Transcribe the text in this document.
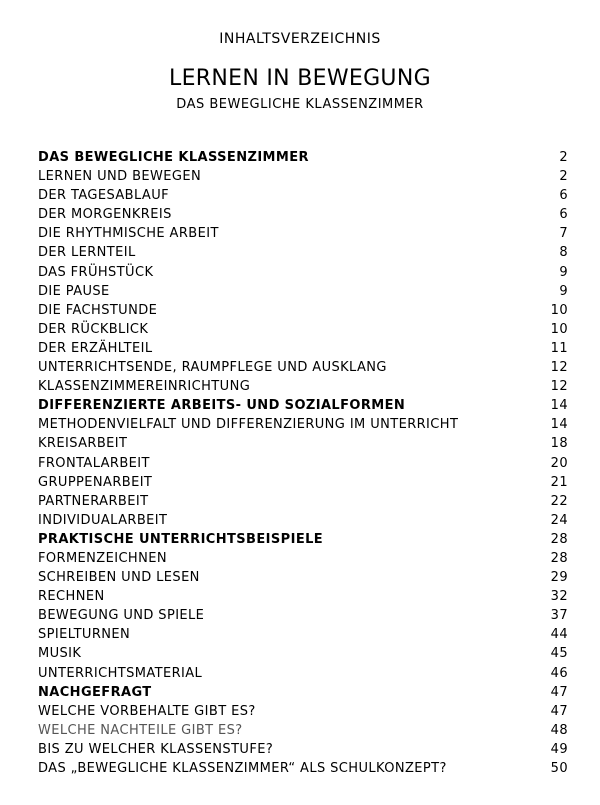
INHALTSVERZEICHNIS
LERNEN IN BEWEGUNG
DAS BEWEGLICHE KLASSENZIMMER
DAS BEWEGLICHE KLASSENZIMMER	2
LERNEN UND BEWEGEN	2
DER TAGESABLAUF	6
DER MORGENKREIS	6
DIE RHYTHMISCHE ARBEIT	7
DER LERNTEIL	8
DAS FRÜHSTÜCK	9
DIE PAUSE	9
DIE FACHSTUNDE	10
DER RÜCKBLICK	10
DER ERZÄHLTEIL	11
UNTERRICHTSENDE, RAUMPFLEGE UND AUSKLANG	12
KLASSENZIMMEREINRICHTUNG	12
DIFFERENZIERTE ARBEITS- UND SOZIALFORMEN	14
METHODENVIELFALT UND DIFFERENZIERUNG IM UNTERRICHT	14
KREISARBEIT	18
FRONTALARBEIT	20
GRUPPENARBEIT	21
PARTNERARBEIT	22
INDIVIDUALARBEIT	24
PRAKTISCHE UNTERRICHTSBEISPIELE	28
FORMENZEICHNEN	28
SCHREIBEN UND LESEN	29
RECHNEN	32
BEWEGUNG UND SPIELE	37
SPIELTURNEN	44
MUSIK	45
UNTERRICHTSMATERIAL	46
NACHGEFRAGT	47
WELCHE VORBEHALTE GIBT ES?	47
WELCHE NACHTEILE GIBT ES?	48
BIS ZU WELCHER KLASSENSTUFE?	49
DAS „BEWEGLICHE KLASSENZIMMER“ ALS SCHULKONZEPT?	50
